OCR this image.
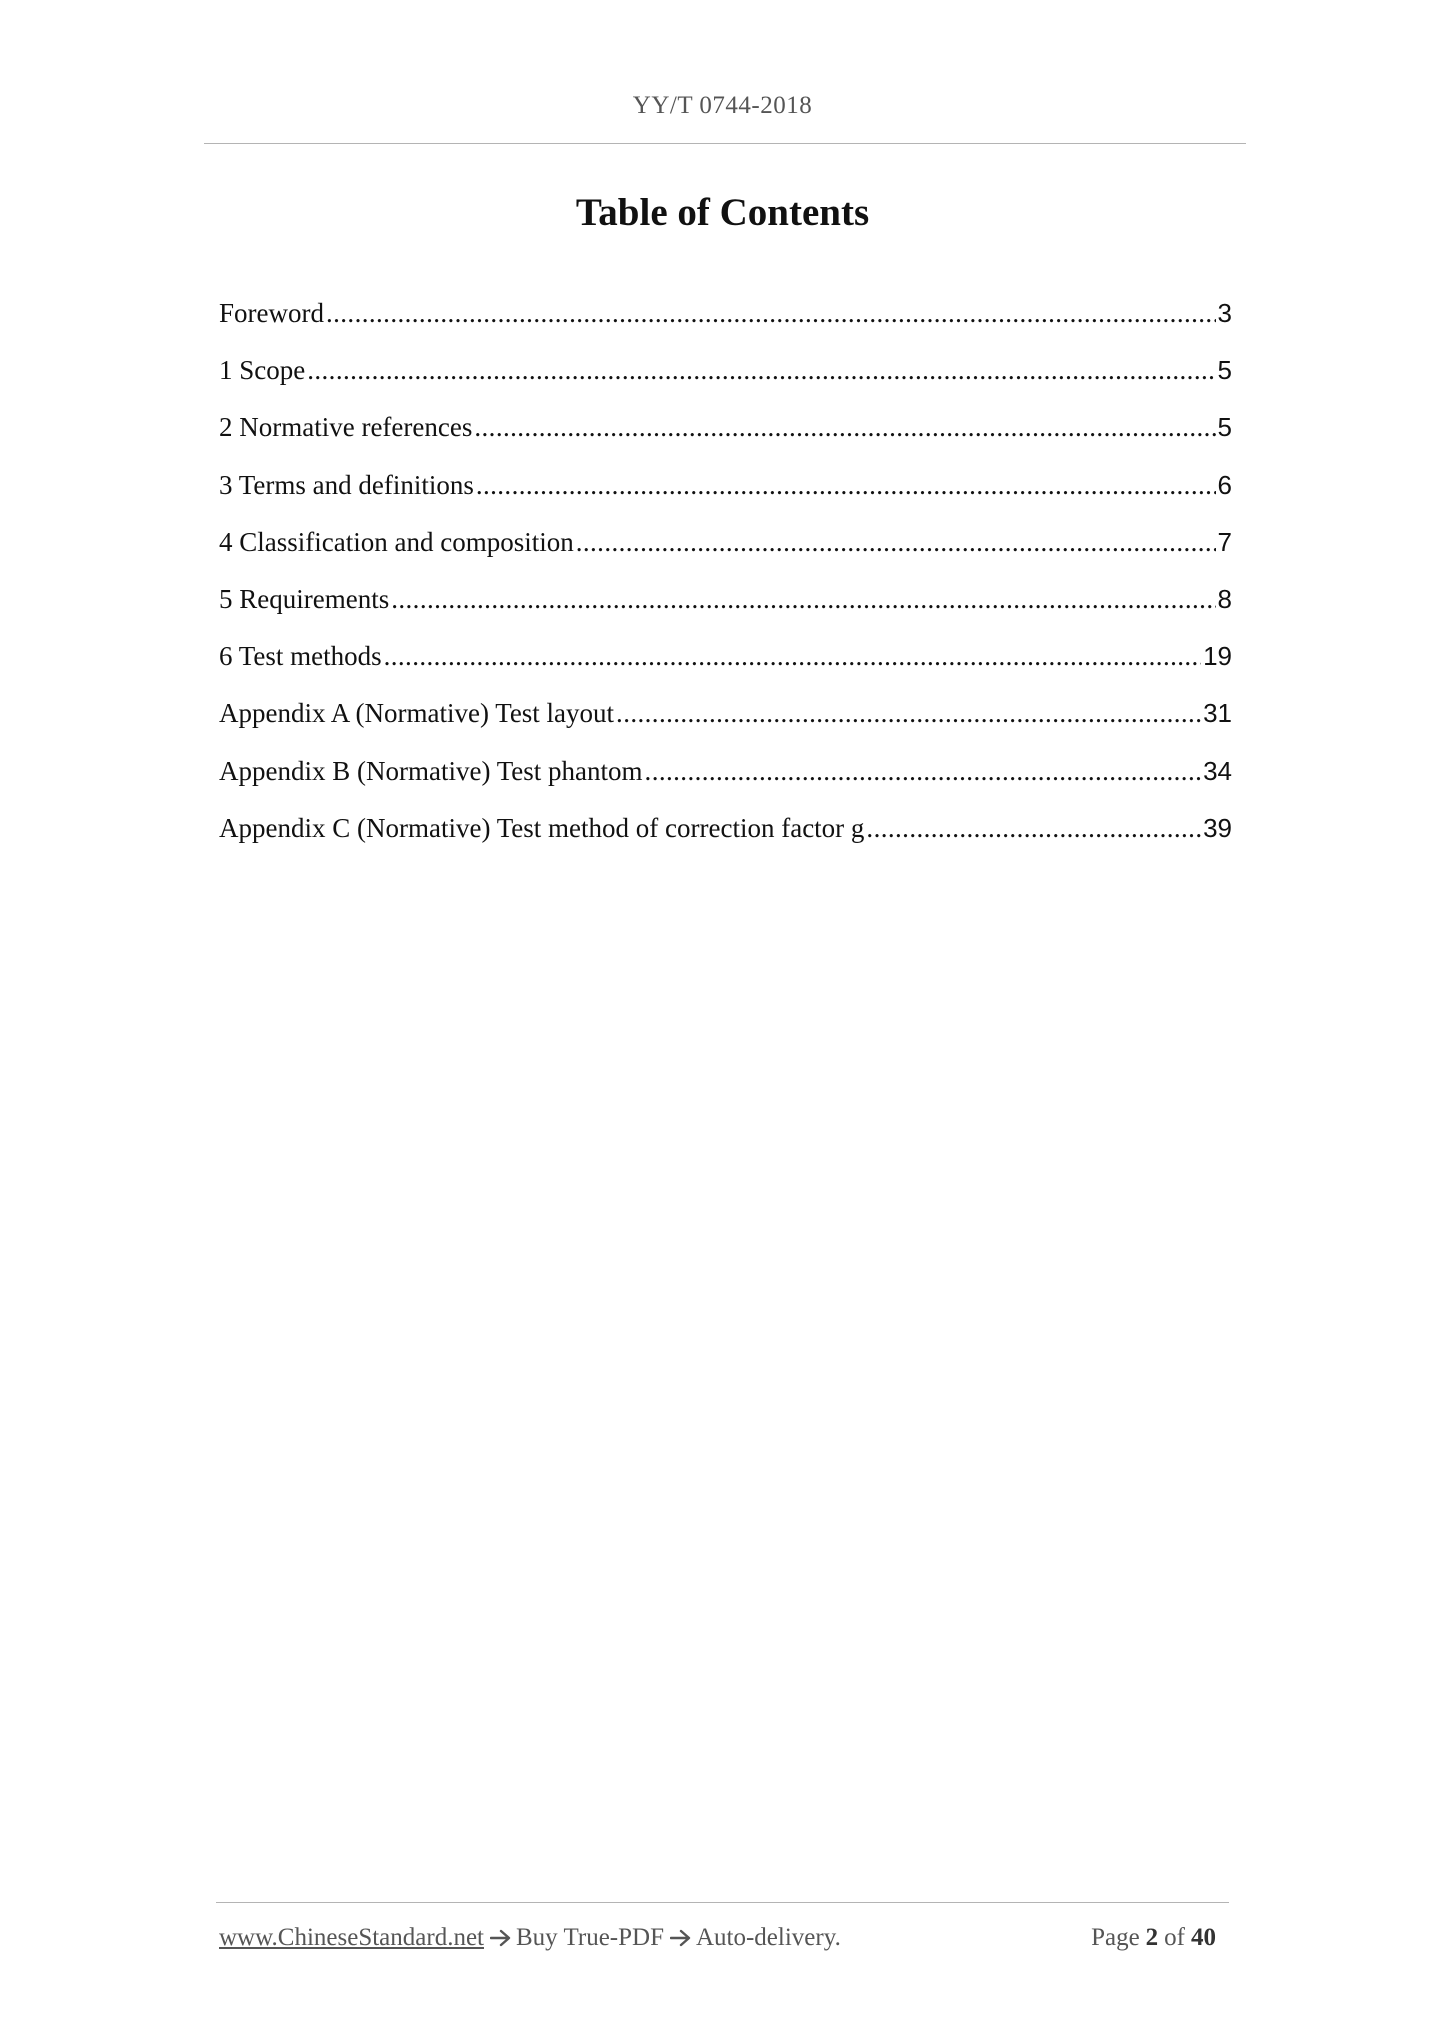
YY/T 0744-2018
Table of Contents
Foreword .....	3
1 Scope .....	5
2 Normative references .....	5
3 Terms and definitions .....	6
4 Classification and composition .....	7
5 Requirements .....	8
6 Test methods .....	19
Appendix A (Normative) Test layout .....	31
Appendix B (Normative) Test phantom .....	34
Appendix C (Normative) Test method of correction factor g .....	39
www.ChineseStandard.net Buy True-PDF Auto-delivery.	Page 2 of 40
